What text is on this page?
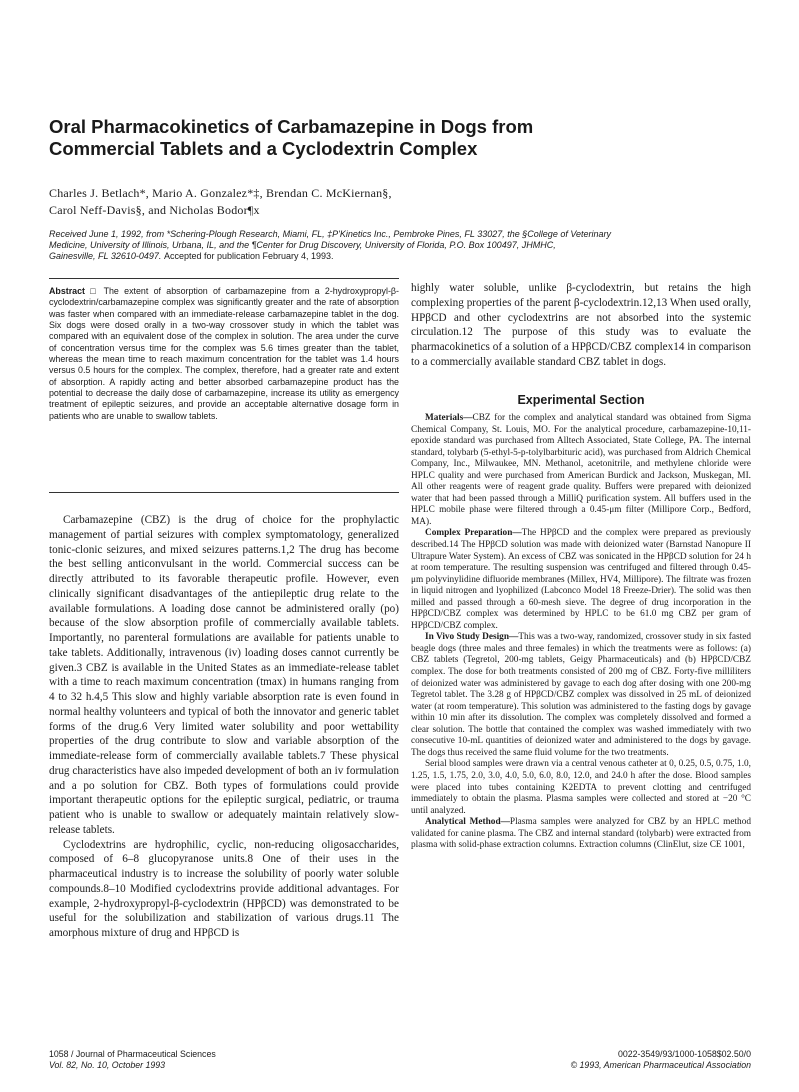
Oral Pharmacokinetics of Carbamazepine in Dogs from
Commercial Tablets and a Cyclodextrin Complex
Charles J. Betlach*, Mario A. Gonzalez*‡, Brendan C. McKiernan§,
Carol Neff-Davis§, and Nicholas Bodor¶x
Received June 1, 1992, from *Schering-Plough Research, Miami, FL, ‡P'Kinetics Inc., Pembroke Pines, FL 33027, the §College of Veterinary
Medicine, University of Illinois, Urbana, IL, and the ¶Center for Drug Discovery, University of Florida, P.O. Box 100497, JHMHC,
Gainesville, FL 32610-0497. Accepted for publication February 4, 1993.
Abstract □ The extent of absorption of carbamazepine from a 2-hydroxypropyl-β-cyclodextrin/carbamazepine complex was significantly greater and the rate of absorption was faster when compared with an immediate-release carbamazepine tablet in the dog. Six dogs were dosed orally in a two-way crossover study in which the tablet was compared with an equivalent dose of the complex in solution. The area under the curve of concentration versus time for the complex was 5.6 times greater than the tablet, whereas the mean time to reach maximum concentration for the tablet was 1.4 hours versus 0.5 hours for the complex. The complex, therefore, had a greater rate and extent of absorption. A rapidly acting and better absorbed carbamazepine product has the potential to decrease the daily dose of carbamazepine, increase its utility as emergency treatment of epileptic seizures, and provide an acceptable alternative dosage form in patients who are unable to swallow tablets.

Carbamazepine (CBZ) is the drug of choice for the prophylactic management of partial seizures with complex symptomatology, generalized tonic-clonic seizures, and mixed seizures patterns.1,2 The drug has become the best selling anticonvulsant in the world. Commercial success can be directly attributed to its favorable therapeutic profile. However, even clinically significant disadvantages of the antiepileptic drug relate to the available formulations. A loading dose cannot be administered orally (po) because of the slow absorption profile of commercially available tablets. Importantly, no parenteral formulations are available for patients unable to take tablets. Additionally, intravenous (iv) loading doses cannot currently be given.3 CBZ is available in the United States as an immediate-release tablet with a time to reach maximum concentration (tmax) in humans ranging from 4 to 32 h.4,5 This slow and highly variable absorption rate is even found in normal healthy volunteers and typical of both the innovator and generic tablet forms of the drug.6 Very limited water solubility and poor wettability properties of the drug contribute to slow and variable absorption of the immediate-release form of commercially available tablets.7 These physical drug characteristics have also impeded development of both an iv formulation and a po solution for CBZ. Both types of formulations could provide important therapeutic options for the epileptic surgical, pediatric, or trauma patient who is unable to swallow or adequately maintain relatively slow-release tablets.

Cyclodextrins are hydrophilic, cyclic, non-reducing oligosaccharides, composed of 6–8 glucopyranose units.8 One of their uses in the pharmaceutical industry is to increase the solubility of poorly water soluble compounds.8–10 Modified cyclodextrins provide additional advantages. For example, 2-hydroxypropyl-β-cyclodextrin (HPβCD) was demonstrated to be useful for the solubilization and stabilization of various drugs.11 The amorphous mixture of drug and HPβCD is

highly water soluble, unlike β-cyclodextrin, but retains the high complexing properties of the parent β-cyclodextrin.12,13 When used orally, HPβCD and other cyclodextrins are not absorbed into the systemic circulation.12 The purpose of this study was to evaluate the pharmacokinetics of a solution of a HPβCD/CBZ complex14 in comparison to a commercially available standard CBZ tablet in dogs.

Experimental Section

Materials—CBZ for the complex and analytical standard was obtained from Sigma Chemical Company, St. Louis, MO. For the analytical procedure, carbamazepine-10,11-epoxide standard was purchased from Alltech Associated, State College, PA. The internal standard, tolybarb (5-ethyl-5-p-tolylbarbituric acid), was purchased from Aldrich Chemical Company, Inc., Milwaukee, MN. Methanol, acetonitrile, and methylene chloride were HPLC quality and were purchased from American Burdick and Jackson, Muskegan, MI. All other reagents were of reagent grade quality. Buffers were prepared with deionized water that had been passed through a MilliQ purification system. All buffers used in the HPLC mobile phase were filtered through a 0.45-μm filter (Millipore Corp., Bedford, MA).

Complex Preparation—The HPβCD and the complex were prepared as previously described.14 The HPβCD solution was made with deionized water (Barnstad Nanopure II Ultrapure Water System). An excess of CBZ was sonicated in the HPβCD solution for 24 h at room temperature. The resulting suspension was centrifuged and filtered through 0.45-μm polyvinylidine difluoride membranes (Millex, HV4, Millipore). The filtrate was frozen in liquid nitrogen and lyophilized (Labconco Model 18 Freeze-Drier). The solid was then milled and passed through a 60-mesh sieve. The degree of drug incorporation in the HPβCD/CBZ complex was determined by HPLC to be 61.0 mg CBZ per gram of HPβCD/CBZ complex.

In Vivo Study Design—This was a two-way, randomized, crossover study in six fasted beagle dogs (three males and three females) in which the treatments were as follows: (a) CBZ tablets (Tegretol, 200-mg tablets, Geigy Pharmaceuticals) and (b) HPβCD/CBZ complex. The dose for both treatments consisted of 200 mg of CBZ. Forty-five milliliters of deionized water was administered by gavage to each dog after dosing with one 200-mg Tegretol tablet. The 3.28 g of HPβCD/CBZ complex was dissolved in 25 mL of deionized water (at room temperature). This solution was administered to the fasting dogs by gavage within 10 min after its dissolution. The complex was completely dissolved and formed a clear solution. The bottle that contained the complex was washed immediately with two consecutive 10-mL quantities of deionized water and administered to the dogs by gavage. The dogs thus received the same fluid volume for the two treatments.

Serial blood samples were drawn via a central venous catheter at 0, 0.25, 0.5, 0.75, 1.0, 1.25, 1.5, 1.75, 2.0, 3.0, 4.0, 5.0, 6.0, 8.0, 12.0, and 24.0 h after the dose. Blood samples were placed into tubes containing K2EDTA to prevent clotting and centrifuged immediately to obtain the plasma. Plasma samples were collected and stored at −20 °C until analyzed.

Analytical Method—Plasma samples were analyzed for CBZ by an HPLC method validated for canine plasma. The CBZ and internal standard (tolybarb) were extracted from plasma with solid-phase extraction columns. Extraction columns (ClinElut, size CE 1001,

1058 / Journal of Pharmaceutical Sciences
Vol. 82, No. 10, October 1993
0022-3549/93/1000-1058$02.50/0
© 1993, American Pharmaceutical Association
